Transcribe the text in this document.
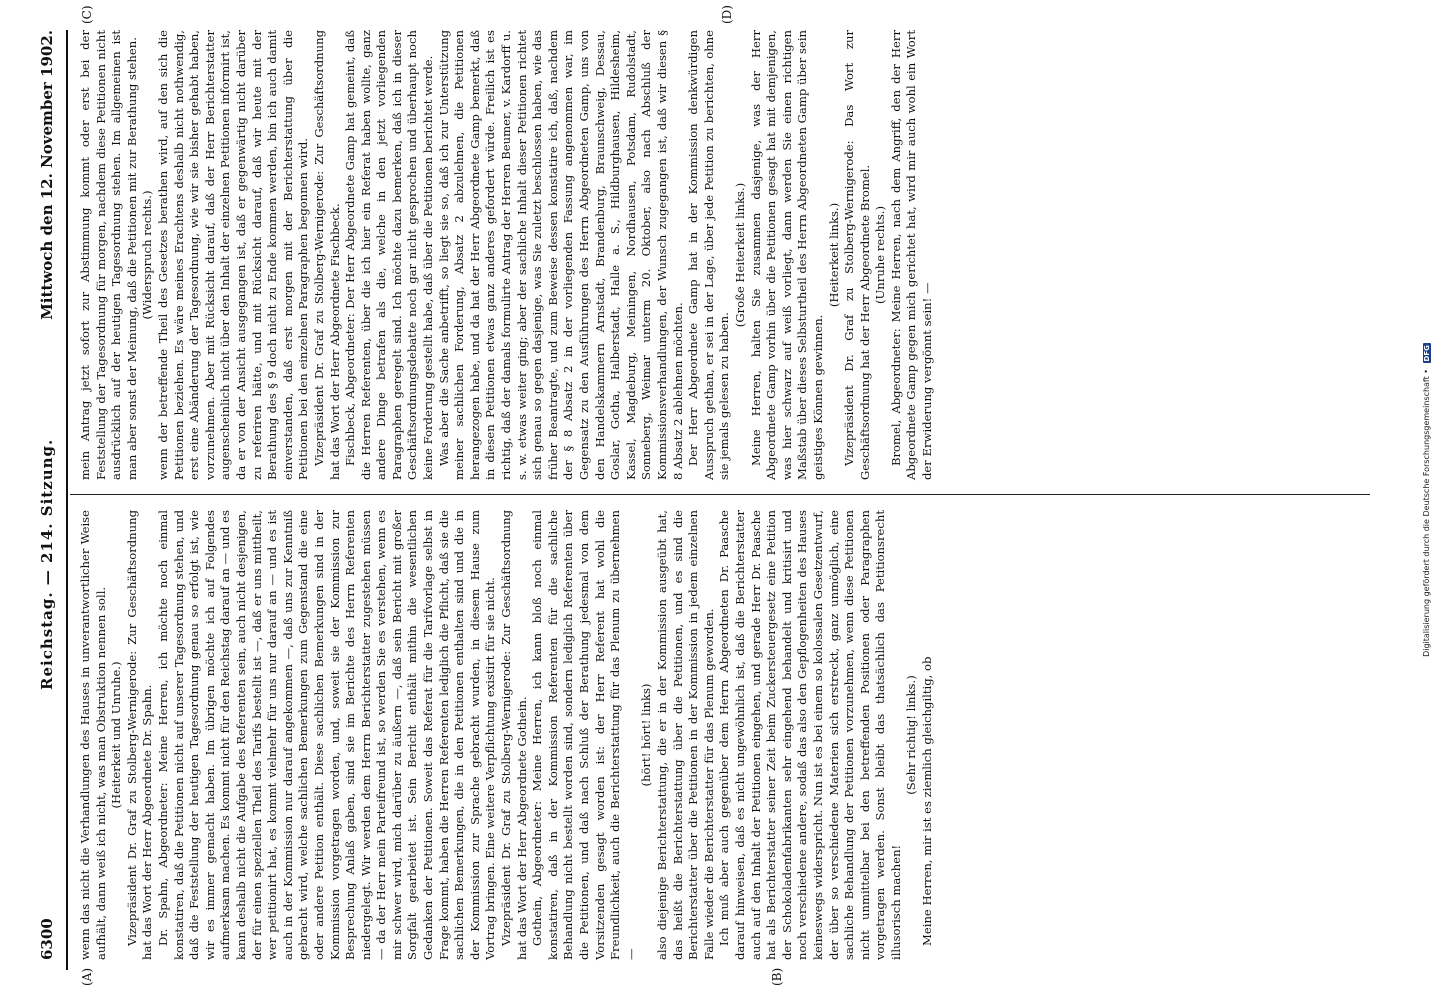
6300
Reichstag. — 214. Sitzung.
Mittwoch den 12. November 1902.
(A)	(B)
(C)	(D)

wenn das nicht die Verhandlungen des Hauses in unverantwortlicher Weise aufhält, dann weiß ich nicht, was man Obstruktion nennen soll. (Heiterkeit und Unruhe.) Vizepräsident Dr. Graf zu Stolberg-Wernigerode: Zur Geschäftsordnung hat das Wort der Herr Abgeordnete Dr. Spahn. Dr. Spahn, Abgeordneter: Meine Herren, ich möchte noch einmal konstatiren, daß die Petitionen nicht auf unserer Tagesordnung stehen, und daß die Feststellung der heutigen Tagesordnung genau so erfolgt ist, wie wir es immer gemacht haben. Im übrigen möchte ich auf Folgendes aufmerksam machen. Es kommt nicht für den Reichstag darauf an — und es kann deshalb nicht die Aufgabe des Referenten sein, auch nicht desjenigen, der für einen speziellen Theil des Tarifs bestellt ist —, daß er uns mittheilt, wer petitionirt hat, es kommt vielmehr für uns nur darauf an — und es ist auch in der Kommission nur darauf angekommen —, daß uns zur Kenntniß gebracht wird, welche sachlichen Bemerkungen zum Gegenstand die eine oder andere Petition enthält. Diese sachlichen Bemerkungen sind in der Kommission vorgetragen worden, und, soweit sie der Kommission zur Besprechung Anlaß gaben, sind sie im Berichte des Herrn Referenten niedergelegt. Wir werden dem Herrn Berichterstatter zugestehen müssen — da der Herr mein Parteifreund ist, so werden Sie es verstehen, wenn es mir schwer wird, mich darüber zu äußern —, daß sein Bericht mit großer Sorgfalt gearbeitet ist. Sein Bericht enthält mithin die wesentlichen Gedanken der Petitionen. Soweit das Referat für die Tarifvorlage selbst in Frage kommt, haben die Herren Referenten lediglich die Pflicht, daß sie die sachlichen Bemerkungen, die in den Petitionen enthalten sind und die in der Kommission zur Sprache gebracht wurden, in diesem Hause zum Vortrag bringen. Eine weitere Verpflichtung existirt für sie nicht. Vizepräsident Dr. Graf zu Stolberg-Wernigerode: Zur Geschäftsordnung hat das Wort der Herr Abgeordnete Gothein. Gothein, Abgeordneter: Meine Herren, ich kann bloß noch einmal konstatiren, daß in der Kommission Referenten für die sachliche Behandlung nicht bestellt worden sind, sondern lediglich Referenten über die Petitionen, und daß nach Schluß der Berathung jedesmal von dem Vorsitzenden gesagt worden ist: der Herr Referent hat wohl die Freundlichkeit, auch die Berichterstattung für das Plenum zu übernehmen —

(hört! hört! links) also diejenige Berichterstattung, die er in der Kommission ausgeübt hat, das heißt die Berichterstattung über die Petitionen, und es sind die Berichterstatter über die Petitionen in der Kommission in jedem einzelnen Falle wieder die Berichterstatter für das Plenum geworden. Ich muß aber auch gegenüber dem Herrn Abgeordneten Dr. Paasche darauf hinweisen, daß es nicht ungewöhnlich ist, daß die Berichterstatter auch auf den Inhalt der Petitionen eingehen, und gerade Herr Dr. Paasche hat als Berichterstatter seiner Zeit beim Zuckersteuergesetz eine Petition der Schokoladenfabrikanten sehr eingehend behandelt und kritisirt und noch verschiedene andere, sodaß das also den Gepflogenheiten des Hauses keineswegs widerspricht. Nun ist es bei einem so kolossalen Gesetzentwurf, der über so verschiedene Materien sich erstreckt, ganz unmöglich, eine sachliche Behandlung der Petitionen vorzunehmen, wenn diese Petitionen nicht unmittelbar bei den betreffenden Positionen oder Paragraphen vorgetragen werden. Sonst bleibt das thatsächlich das Petitionsrecht illusorisch machen!

(Sehr richtig! links.) Meine Herren, mir ist es ziemlich gleichgiltig, ob

mein Antrag jetzt sofort zur Abstimmung kommt oder erst bei der Feststellung der Tagesordnung für morgen, nachdem diese Petitionen nicht ausdrücklich auf der heutigen Tagesordnung stehen. Im allgemeinen ist man aber sonst der Meinung, daß die Petitionen mit zur Berathung stehen. (Widerspruch rechts.) wenn der betreffende Theil des Gesetzes berathen wird, auf den sich die Petitionen beziehen. Es wäre meines Erachtens deshalb nicht nothwendig, erst eine Abänderung der Tagesordnung, wie wir sie bisher gehabt haben, vorzunehmen. Aber mit Rücksicht darauf, daß der Herr Berichterstatter augenscheinlich nicht über den Inhalt der einzelnen Petitionen informirt ist, da er von der Ansicht ausgegangen ist, daß er gegenwärtig nicht darüber zu referiren hätte, und mit Rücksicht darauf, daß wir heute mit der Berathung des § 9 doch nicht zu Ende kommen werden, bin ich auch damit einverstanden, daß erst morgen mit der Berichterstattung über die Petitionen bei den einzelnen Paragraphen begonnen wird. Vizepräsident Dr. Graf zu Stolberg-Wernigerode: Zur Geschäftsordnung hat das Wort der Herr Abgeordnete Fischbeck. Fischbeck, Abgeordneter: Der Herr Abgeordnete Gamp hat gemeint, daß die Herren Referenten, über die ich hier ein Referat haben wollte, ganz andere Dinge betrafen als die, welche in den jetzt vorliegenden Paragraphen geregelt sind. Ich möchte dazu bemerken, daß ich in dieser Geschäftsordnungsdebatte noch gar nicht gesprochen und überhaupt noch keine Forderung gestellt habe, daß über die Petitionen berichtet werde. Was aber die Sache anbetrifft, so liegt sie so, daß ich zur Unterstützung meiner sachlichen Forderung, Absatz 2 abzulehnen, die Petitionen herangezogen habe, und da hat der Herr Abgeordnete Gamp bemerkt, daß in diesen Petitionen etwas ganz anderes gefordert würde. Freilich ist es richtig, daß der damals formulirte Antrag der Herren Beumer, v. Kardorff u. s. w. etwas weiter ging; aber der sachliche Inhalt dieser Petitionen richtet sich genau so gegen dasjenige, was Sie zuletzt beschlossen haben, wie das früher Beantragte, und zum Beweise dessen konstatire ich, daß, nachdem der § 8 Absatz 2 in der vorliegenden Fassung angenommen war, im Gegensatz zu den Ausführungen des Herrn Abgeordneten Gamp, uns von den Handelskammern Arnstadt, Brandenburg, Braunschweig, Dessau, Goslar, Gotha, Halberstadt, Halle a. S., Hildburghausen, Hildesheim, Kassel, Magdeburg, Meiningen, Nordhausen, Potsdam, Rudolstadt, Sonneberg, Weimar unterm 20. Oktober, also nach Abschluß der Kommissionsverhandlungen, der Wunsch zugegangen ist, daß wir diesen § 8 Absatz 2 ablehnen möchten. Der Herr Abgeordnete Gamp hat in der Kommission denkwürdigen Ausspruch gethan, er sei in der Lage, über jede Petition zu berichten, ohne sie jemals gelesen zu haben.

(Große Heiterkeit links.) Meine Herren, halten Sie zusammen dasjenige, was der Herr Abgeordnete Gamp vorhin über die Petitionen gesagt hat mit demjenigen, was hier schwarz auf weiß vorliegt, dann werden Sie einen richtigen Maßstab über dieses Selbsturtheil des Herrn Abgeordneten Gamp über sein geistiges Können gewinnen.

(Heiterkeit links.) Vizepräsident Dr. Graf zu Stolberg-Wernigerode: Das Wort zur Geschäftsordnung hat der Herr Abgeordnete Bromel. (Unruhe rechts.) Bromel, Abgeordneter: Meine Herren, nach dem Angriff, den der Herr Abgeordnete Gamp gegen mich gerichtet hat, wird mir auch wohl ein Wort der Erwiderung vergönnt sein! —	Digitalisierung gefördert durch die Deutsche Forschungsgemeinschaft • DFG
